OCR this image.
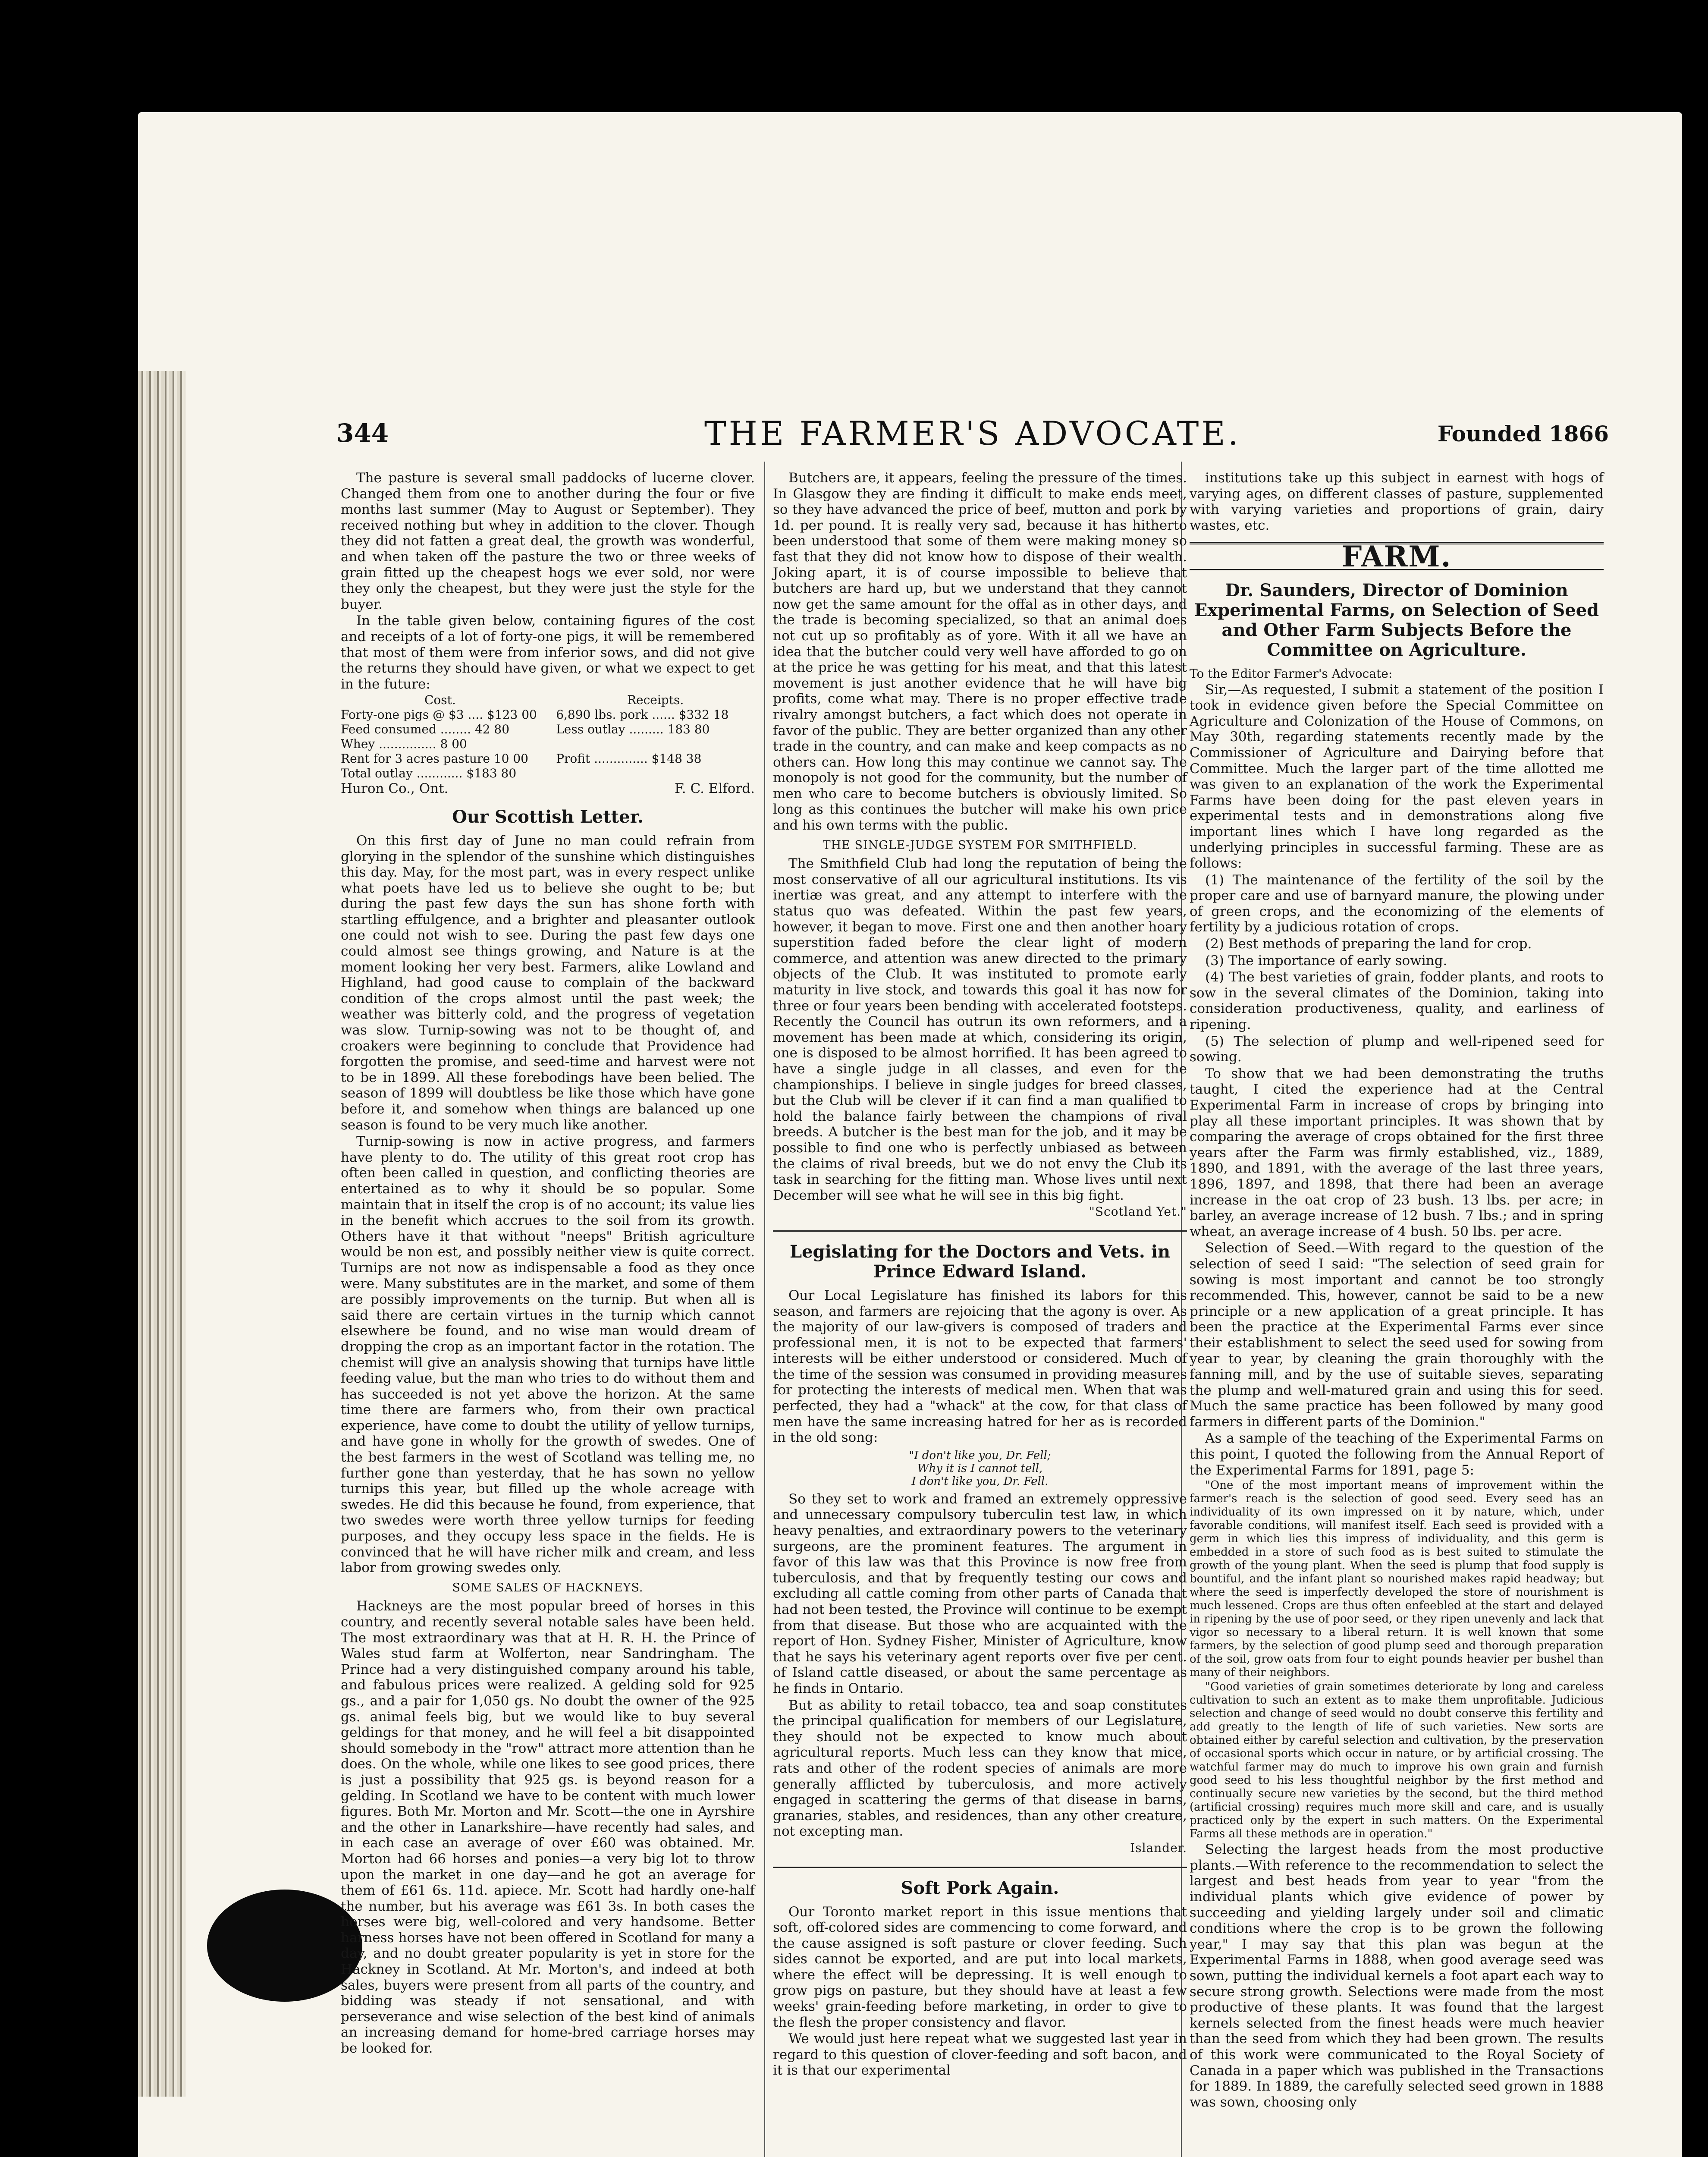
344	THE FARMER'S ADVOCATE.	Founded 1866

The pasture is several small paddocks of lucerne clover. Changed them from one to another during the four or five months last summer (May to August or September). They received nothing but whey in addition to the clover. Though they did not fatten a great deal, the growth was wonderful, and when taken off the pasture the two or three weeks of grain fitted up the cheapest hogs we ever sold, nor were they only the cheapest, but they were just the style for the buyer.

In the table given below, containing figures of the cost and receipts of a lot of forty-one pigs, it will be remembered that most of them were from inferior sows, and did not give the returns they should have given, or what we expect to get in the future:

Cost.	Receipts.
Forty-one pigs @ $3 .... $123 00 6,890 lbs. pork ...... $332 18
Feed consumed ........ 42 80	Less outlay ......... 183 80
Whey ............... 8 00
Rent for 3 acres pasture 10 00	Profit .............. $148 38
Total outlay ............ $183 80
Huron Co., Ont.	F. C. Elford.
Our Scottish Letter.

On this first day of June no man could refrain from glorying in the splendor of the sunshine which distinguishes this day. May, for the most part, was in every respect unlike what poets have led us to believe she ought to be; but during the past few days the sun has shone forth with startling effulgence, and a brighter and pleasanter outlook one could not wish to see. During the past few days one could almost see things growing, and Nature is at the moment looking her very best. Farmers, alike Lowland and Highland, had good cause to complain of the backward condition of the crops almost until the past week; the weather was bitterly cold, and the progress of vegetation was slow. Turnip-sowing was not to be thought of, and croakers were beginning to conclude that Providence had forgotten the promise, and seed-time and harvest were not to be in 1899. All these forebodings have been belied. The season of 1899 will doubtless be like those which have gone before it, and somehow when things are balanced up one season is found to be very much like another.

Turnip-sowing is now in active progress, and farmers have plenty to do. The utility of this great root crop has often been called in question, and conflicting theories are entertained as to why it should be so popular. Some maintain that in itself the crop is of no account; its value lies in the benefit which accrues to the soil from its growth. Others have it that without "neeps" British agriculture would be non est, and possibly neither view is quite correct. Turnips are not now as indispensable a food as they once were. Many substitutes are in the market, and some of them are possibly improvements on the turnip. But when all is said there are certain virtues in the turnip which cannot elsewhere be found, and no wise man would dream of dropping the crop as an important factor in the rotation. The chemist will give an analysis showing that turnips have little feeding value, but the man who tries to do without them and has succeeded is not yet above the horizon. At the same time there are farmers who, from their own practical experience, have come to doubt the utility of yellow turnips, and have gone in wholly for the growth of swedes. One of the best farmers in the west of Scotland was telling me, no further gone than yesterday, that he has sown no yellow turnips this year, but filled up the whole acreage with swedes. He did this because he found, from experience, that two swedes were worth three yellow turnips for feeding purposes, and they occupy less space in the fields. He is convinced that he will have richer milk and cream, and less labor from growing swedes only.

SOME SALES OF HACKNEYS.

Hackneys are the most popular breed of horses in this country, and recently several notable sales have been held. The most extraordinary was that at H. R. H. the Prince of Wales stud farm at Wolferton, near Sandringham. The Prince had a very distinguished company around his table, and fabulous prices were realized. A gelding sold for 925 gs., and a pair for 1,050 gs. No doubt the owner of the 925 gs. animal feels big, but we would like to buy several geldings for that money, and he will feel a bit disappointed should somebody in the "row" attract more attention than he does. On the whole, while one likes to see good prices, there is just a possibility that 925 gs. is beyond reason for a gelding. In Scotland we have to be content with much lower figures. Both Mr. Morton and Mr. Scott—the one in Ayrshire and the other in Lanarkshire—have recently had sales, and in each case an average of over £60 was obtained. Mr. Morton had 66 horses and ponies—a very big lot to throw upon the market in one day—and he got an average for them of £61 6s. 11d. apiece. Mr. Scott had hardly one-half the number, but his average was £61 3s. In both cases the horses were big, well-colored and very handsome. Better harness horses have not been offered in Scotland for many a day, and no doubt greater popularity is yet in store for the Hackney in Scotland. At Mr. Morton's, and indeed at both sales, buyers were present from all parts of the country, and bidding was steady if not sensational, and with perseverance and wise selection of the best kind of animals an increasing demand for home-bred carriage horses may be looked for.

Butchers are, it appears, feeling the pressure of the times. In Glasgow they are finding it difficult to make ends meet, so they have advanced the price of beef, mutton and pork by 1d. per pound. It is really very sad, because it has hitherto been understood that some of them were making money so fast that they did not know how to dispose of their wealth. Joking apart, it is of course impossible to believe that butchers are hard up, but we understand that they cannot now get the same amount for the offal as in other days, and the trade is becoming specialized, so that an animal does not cut up so profitably as of yore. With it all we have an idea that the butcher could very well have afforded to go on at the price he was getting for his meat, and that this latest movement is just another evidence that he will have big profits, come what may. There is no proper effective trade rivalry amongst butchers, a fact which does not operate in favor of the public. They are better organized than any other trade in the country, and can make and keep compacts as no others can. How long this may continue we cannot say. The monopoly is not good for the community, but the number of men who care to become butchers is obviously limited. So long as this continues the butcher will make his own price and his own terms with the public.

THE SINGLE-JUDGE SYSTEM FOR SMITHFIELD.

The Smithfield Club had long the reputation of being the most conservative of all our agricultural institutions. Its vis inertiæ was great, and any attempt to interfere with the status quo was defeated. Within the past few years, however, it began to move. First one and then another hoary superstition faded before the clear light of modern commerce, and attention was anew directed to the primary objects of the Club. It was instituted to promote early maturity in live stock, and towards this goal it has now for three or four years been bending with accelerated footsteps. Recently the Council has outrun its own reformers, and a movement has been made at which, considering its origin, one is disposed to be almost horrified. It has been agreed to have a single judge in all classes, and even for the championships. I believe in single judges for breed classes, but the Club will be clever if it can find a man qualified to hold the balance fairly between the champions of rival breeds. A butcher is the best man for the job, and it may be possible to find one who is perfectly unbiased as between the claims of rival breeds, but we do not envy the Club its task in searching for the fitting man. Whose lives until next December will see what he will see in this big fight.

"Scotland Yet."
Legislating for the Doctors and Vets. in Prince Edward Island.

Our Local Legislature has finished its labors for this season, and farmers are rejoicing that the agony is over. As the majority of our law-givers is composed of traders and professional men, it is not to be expected that farmers' interests will be either understood or considered. Much of the time of the session was consumed in providing measures for protecting the interests of medical men. When that was perfected, they had a "whack" at the cow, for that class of men have the same increasing hatred for her as is recorded in the old song:

"I don't like you, Dr. Fell;
Why it is I cannot tell,
I don't like you, Dr. Fell.

So they set to work and framed an extremely oppressive and unnecessary compulsory tuberculin test law, in which heavy penalties, and extraordinary powers to the veterinary surgeons, are the prominent features. The argument in favor of this law was that this Province is now free from tuberculosis, and that by frequently testing our cows and excluding all cattle coming from other parts of Canada that had not been tested, the Province will continue to be exempt from that disease. But those who are acquainted with the report of Hon. Sydney Fisher, Minister of Agriculture, know that he says his veterinary agent reports over five per cent. of Island cattle diseased, or about the same percentage as he finds in Ontario.

But as ability to retail tobacco, tea and soap constitutes the principal qualification for members of our Legislature, they should not be expected to know much about agricultural reports. Much less can they know that mice, rats and other of the rodent species of animals are more generally afflicted by tuberculosis, and more actively engaged in scattering the germs of that disease in barns, granaries, stables, and residences, than any other creature, not excepting man.

Islander.
Soft Pork Again.

Our Toronto market report in this issue mentions that soft, off-colored sides are commencing to come forward, and the cause assigned is soft pasture or clover feeding. Such sides cannot be exported, and are put into local markets, where the effect will be depressing. It is well enough to grow pigs on pasture, but they should have at least a few weeks' grain-feeding before marketing, in order to give to the flesh the proper consistency and flavor.

We would just here repeat what we suggested last year in regard to this question of clover-feeding and soft bacon, and it is that our experimental

institutions take up this subject in earnest with hogs of varying ages, on different classes of pasture, supplemented with varying varieties and proportions of grain, dairy wastes, etc.

FARM.
Dr. Saunders, Director of Dominion Experimental Farms, on Selection of Seed and Other Farm Subjects Before the Committee on Agriculture.
To the Editor Farmer's Advocate:

Sir,—As requested, I submit a statement of the position I took in evidence given before the Special Committee on Agriculture and Colonization of the House of Commons, on May 30th, regarding statements recently made by the Commissioner of Agriculture and Dairying before that Committee. Much the larger part of the time allotted me was given to an explanation of the work the Experimental Farms have been doing for the past eleven years in experimental tests and in demonstrations along five important lines which I have long regarded as the underlying principles in successful farming. These are as follows:

(1) The maintenance of the fertility of the soil by the proper care and use of barnyard manure, the plowing under of green crops, and the economizing of the elements of fertility by a judicious rotation of crops.

(2) Best methods of preparing the land for crop.

(3) The importance of early sowing.

(4) The best varieties of grain, fodder plants, and roots to sow in the several climates of the Dominion, taking into consideration productiveness, quality, and earliness of ripening.

(5) The selection of plump and well-ripened seed for sowing.

To show that we had been demonstrating the truths taught, I cited the experience had at the Central Experimental Farm in increase of crops by bringing into play all these important principles. It was shown that by comparing the average of crops obtained for the first three years after the Farm was firmly established, viz., 1889, 1890, and 1891, with the average of the last three years, 1896, 1897, and 1898, that there had been an average increase in the oat crop of 23 bush. 13 lbs. per acre; in barley, an average increase of 12 bush. 7 lbs.; and in spring wheat, an average increase of 4 bush. 50 lbs. per acre.

Selection of Seed.—With regard to the question of the selection of seed I said: "The selection of seed grain for sowing is most important and cannot be too strongly recommended. This, however, cannot be said to be a new principle or a new application of a great principle. It has been the practice at the Experimental Farms ever since their establishment to select the seed used for sowing from year to year, by cleaning the grain thoroughly with the fanning mill, and by the use of suitable sieves, separating the plump and well-matured grain and using this for seed. Much the same practice has been followed by many good farmers in different parts of the Dominion."

As a sample of the teaching of the Experimental Farms on this point, I quoted the following from the Annual Report of the Experimental Farms for 1891, page 5:

"One of the most important means of improvement within the farmer's reach is the selection of good seed. Every seed has an individuality of its own impressed on it by nature, which, under favorable conditions, will manifest itself. Each seed is provided with a germ in which lies this impress of individuality, and this germ is embedded in a store of such food as is best suited to stimulate the growth of the young plant. When the seed is plump that food supply is bountiful, and the infant plant so nourished makes rapid headway; but where the seed is imperfectly developed the store of nourishment is much lessened. Crops are thus often enfeebled at the start and delayed in ripening by the use of poor seed, or they ripen unevenly and lack that vigor so necessary to a liberal return. It is well known that some farmers, by the selection of good plump seed and thorough preparation of the soil, grow oats from four to eight pounds heavier per bushel than many of their neighbors.

"Good varieties of grain sometimes deteriorate by long and careless cultivation to such an extent as to make them unprofitable. Judicious selection and change of seed would no doubt conserve this fertility and add greatly to the length of life of such varieties. New sorts are obtained either by careful selection and cultivation, by the preservation of occasional sports which occur in nature, or by artificial crossing. The watchful farmer may do much to improve his own grain and furnish good seed to his less thoughtful neighbor by the first method and continually secure new varieties by the second, but the third method (artificial crossing) requires much more skill and care, and is usually practiced only by the expert in such matters. On the Experimental Farms all these methods are in operation."

Selecting the largest heads from the most productive plants.—With reference to the recommendation to select the largest and best heads from year to year "from the individual plants which give evidence of power by succeeding and yielding largely under soil and climatic conditions where the crop is to be grown the following year," I may say that this plan was begun at the Experimental Farms in 1888, when good average seed was sown, putting the individual kernels a foot apart each way to secure strong growth. Selections were made from the most productive of these plants. It was found that the largest kernels selected from the finest heads were much heavier than the seed from which they had been grown. The results of this work were communicated to the Royal Society of Canada in a paper which was published in the Transactions for 1889. In 1889, the carefully selected seed grown in 1888 was sown, choosing only
